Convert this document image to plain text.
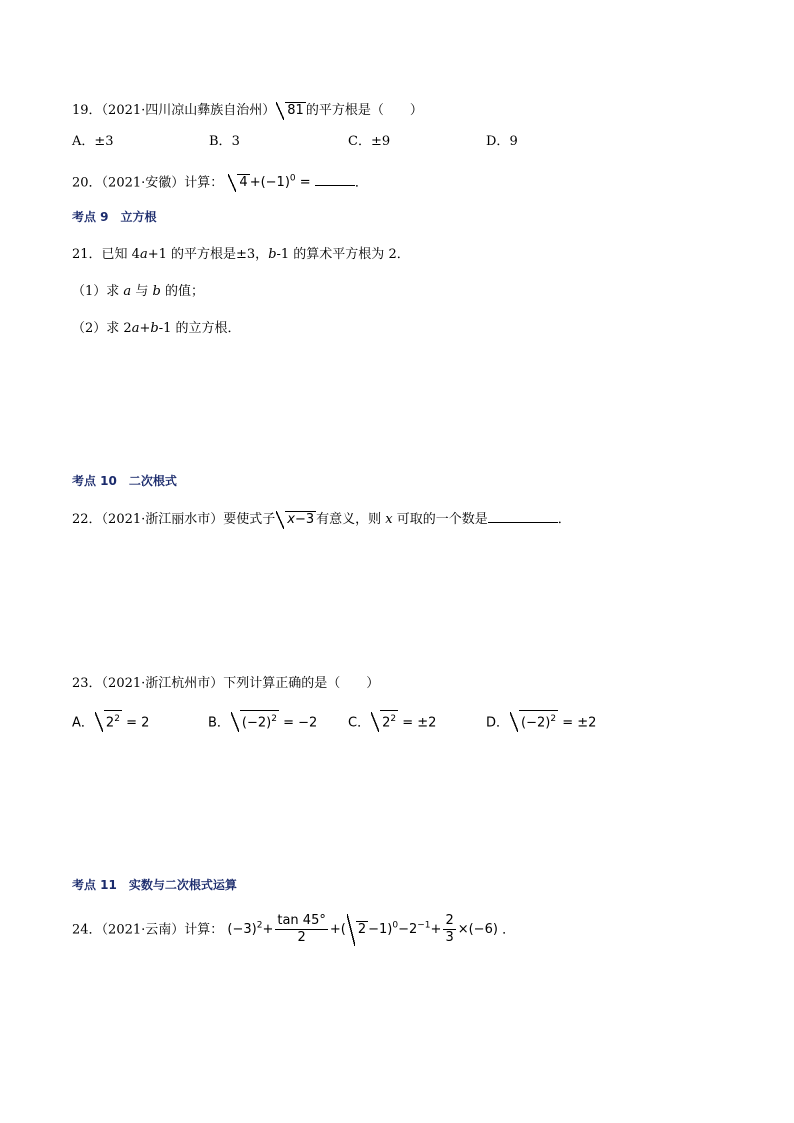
19．（2021·四川凉山彝族自治州） 81 的平方根是（　　）
A．±3	B．3	C．±9	D．9
20．（2021·安徽）计算： $4 +(-1)^0$ =	．
考点 9　立方根
21．已知 4a+1 的平方根是±3，b-1 的算术平方根为 2．
（1）求 a 与 b 的值；
（2）求 2a+b-1 的立方根．
考点 10　二次根式
22．（2021·浙江丽水市）要使式子 x−3 有意义，则 x 可取的一个数是	．
23．（2021·浙江杭州市）下列计算正确的是（　　）
A． $2^2 = 2$	B． $(-2)^2 = -2$ C． $2^2 = \pm 2$	D． $(-2)^2 = \pm 2$
考点 11　实数与二次根式运算
24．（2021·云南）计算： $(-3)^2+ \frac{\tan 45^\circ}{2}$ +( $2 -1)^0-2^{-1}+ \frac{2}{3} \times(-6)$ ．
